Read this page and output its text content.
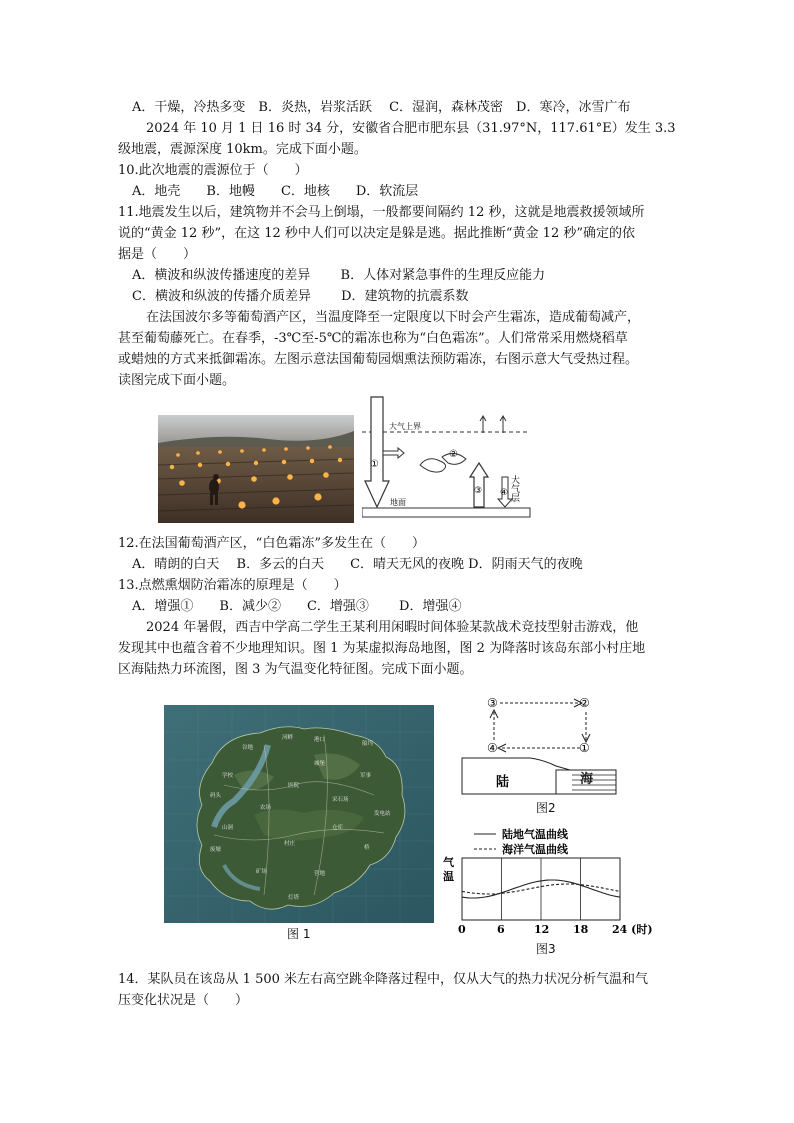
A．干燥，冷热多变　B．炎热，岩浆活跃　 C．湿润，森林茂密　D．寒冷，冰雪广布
2024 年 10 月 1 日 16 时 34 分，安徽省合肥市肥东县（31.97°N，117.61°E）发生 3.3
级地震，震源深度 10km。完成下面小题。
10.此次地震的震源位于（　　）
A．地壳　　B．地幔　　C．地核　　D．软流层
11.地震发生以后，建筑物并不会马上倒塌，一般都要间隔约 12 秒，这就是地震救援领域所
说的“黄金 12 秒”，在这 12 秒中人们可以决定是躲是逃。据此推断“黄金 12 秒”确定的依
据是（　　）
A．横波和纵波传播速度的差异　　 B．人体对紧急事件的生理反应能力
C．横波和纵波的传播介质差异　　 D．建筑物的抗震系数
在法国波尔多等葡萄酒产区，当温度降至一定限度以下时会产生霜冻，造成葡萄减产，
甚至葡萄藤死亡。在春季，-3℃至-5℃的霜冻也称为“白色霜冻”。人们常常采用燃烧稻草
或蜡烛的方式来抵御霜冻。左图示意法国葡萄园烟熏法预防霜冻，右图示意大气受热过程。
读图完成下面小题。
大气上界
地面
①
②
③ ④ 大气层
12.在法国葡萄酒产区，“白色霜冻”多发生在（　　）
A．晴朗的白天　 B．多云的白天　　C．晴天无风的夜晚 D．阴雨天气的夜晚
13.点燃熏烟防治霜冻的原理是（　　）
A．增强①　　B．减少②　　C．增强③　　 D．增强④
2024 年暑假，西吉中学高二学生王某利用闲暇时间体验某款战术竞技型射击游戏，他
发现其中也蕴含着不少地理知识。图 1 为某虚拟海岛地图，图 2 为降落时该岛东部小村庄地
区海陆热力环流图，图 3 为气温变化特征图。完成下面小题。
河畔
谷地
港口
船坞
城堡
学校	军事
医院
码头
采石场
农场
发电站
山洞	仓库
废墟
村庄
桥
矿场	营地
灯塔
图 1
③	②
④	①
陆	海
图2
陆地气温曲线
海洋气温曲线
气
温
0	6	12 18 24 (时)
图3
14．某队员在该岛从 1 500 米左右高空跳伞降落过程中，仅从大气的热力状况分析气温和气
压变化状况是（　　）
